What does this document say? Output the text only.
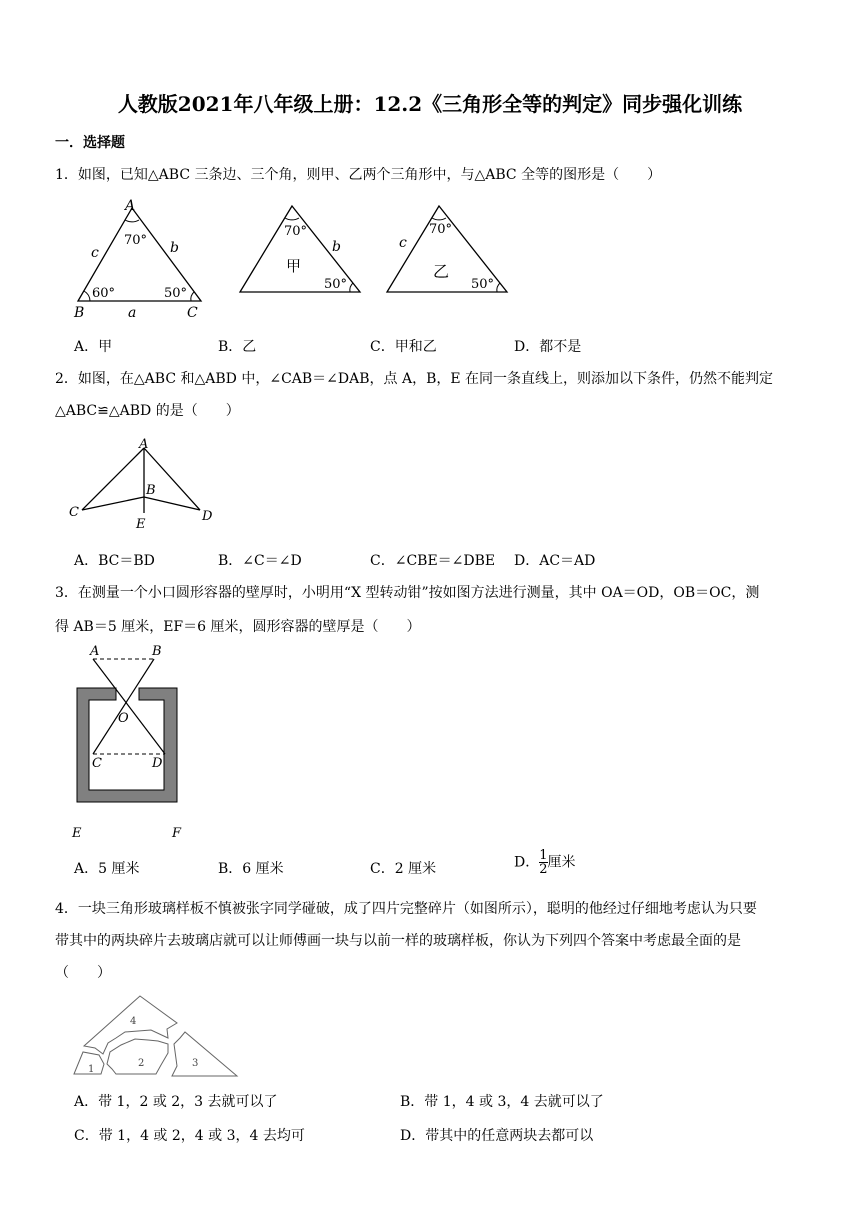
人教版2021年八年级上册：12.2《三角形全等的判定》同步强化训练
一．选择题
1．如图，已知△ABC 三条边、三个角，则甲、乙两个三角形中，与△ABC 全等的图形是（　　）
A
70°
c	b
60°	50°
B	a	C
70°
b
甲
50°
70°
c
乙
50°
A．甲	B．乙	C．甲和乙	D．都不是
2．如图，在△ABC 和△ABD 中，∠CAB＝∠DAB，点 A，B，E 在同一条直线上，则添加以下条件，仍然不能判定
△ABC≌△ABD 的是（　　）
A
B
C	D
E
A．BC＝BD	B．∠C＝∠D	C．∠CBE＝∠DBE D．AC＝AD
3．在测量一个小口圆形容器的壁厚时，小明用“X 型转动钳”按如图方法进行测量，其中 OA＝OD，OB＝OC，测
得 AB＝5 厘米，EF＝6 厘米，圆形容器的壁厚是（　　）
A	B
O
C	D
E	F
A．5 厘米	B．6 厘米	C．2 厘米	D． $\frac{1}{2}$ 厘米
4．一块三角形玻璃样板不慎被张字同学碰破，成了四片完整碎片（如图所示），聪明的他经过仔细地考虑认为只要
带其中的两块碎片去玻璃店就可以让师傅画一块与以前一样的玻璃样板，你认为下列四个答案中考虑最全面的是
（　　）
4
1
2	3
A．带 1，2 或 2，3 去就可以了	B．带 1，4 或 3，4 去就可以了
C．带 1，4 或 2，4 或 3，4 去均可	D．带其中的任意两块去都可以
